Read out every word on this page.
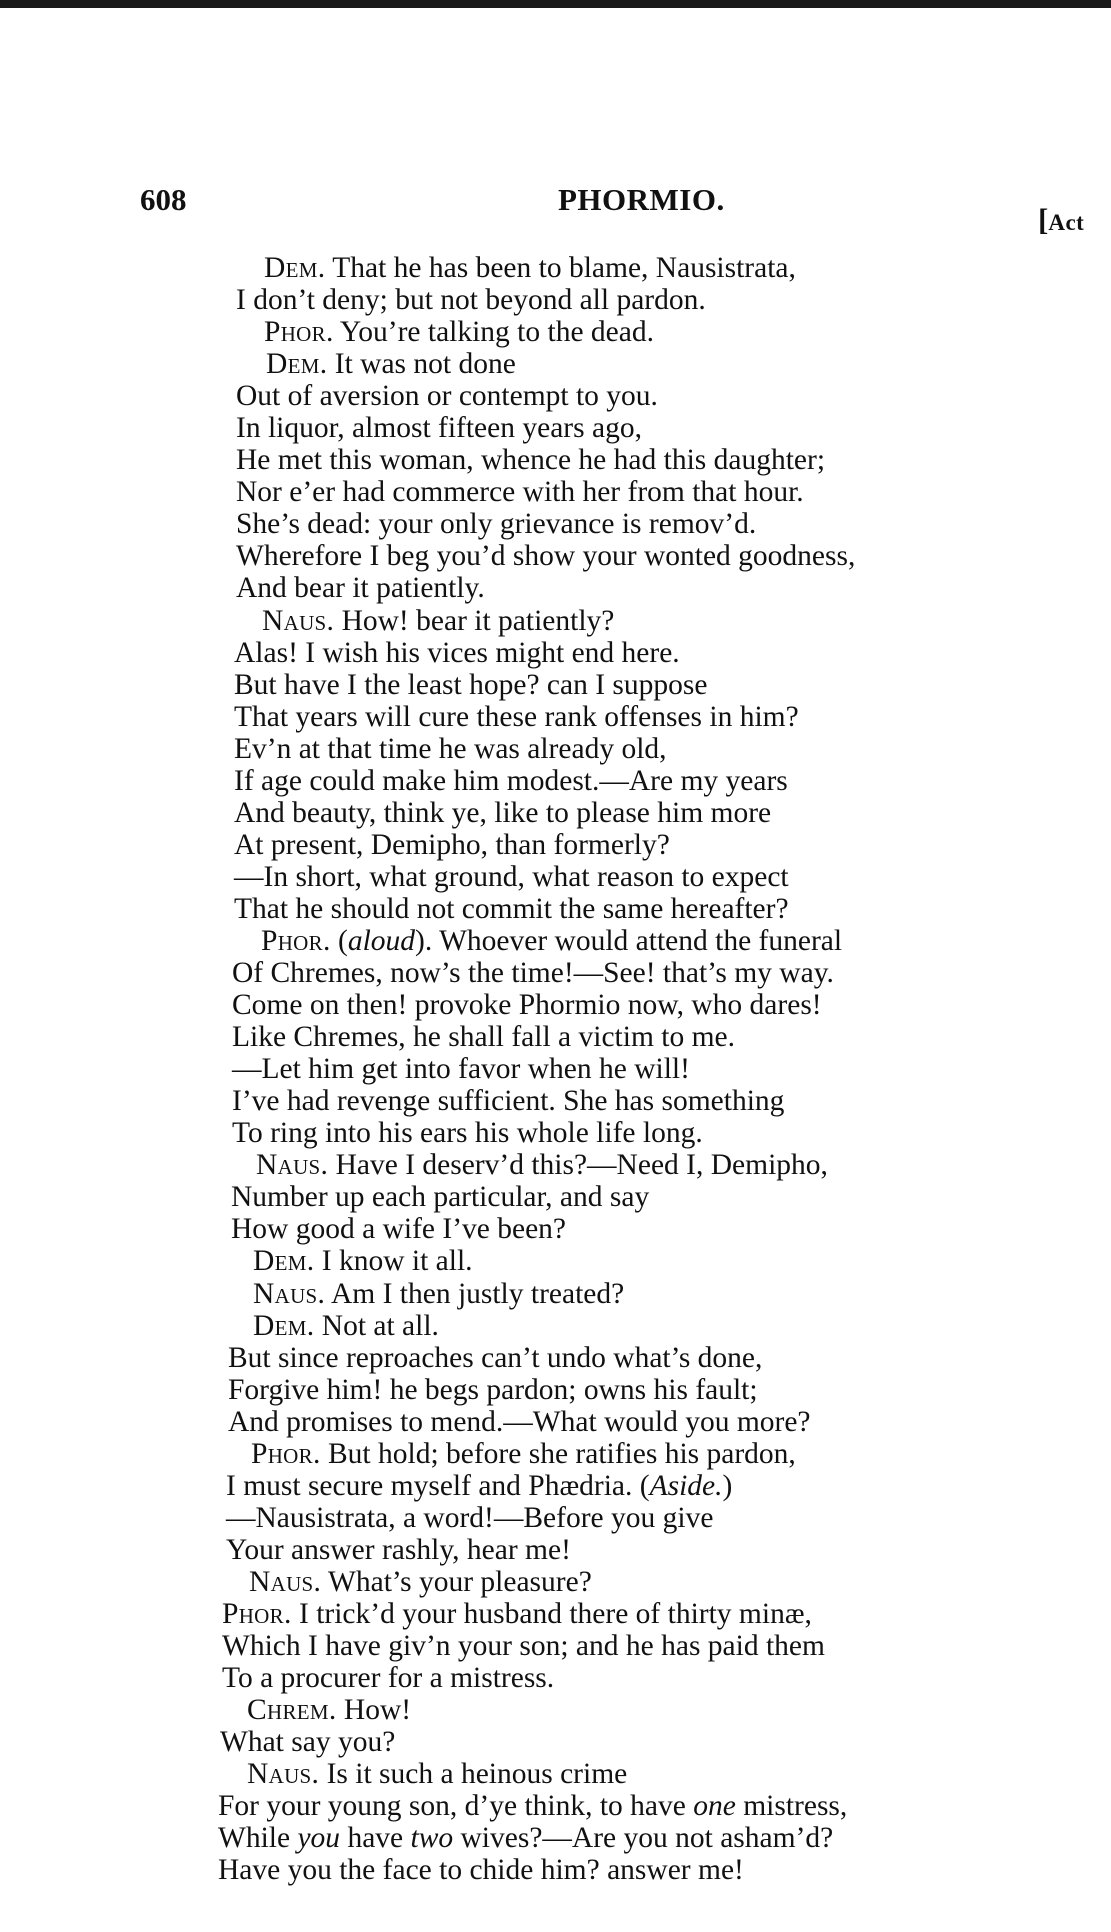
608	PHORMIO.
[Act
Dem. That he has been to blame, Nausistrata,
I don’t deny; but not beyond all pardon.
Phor. You’re talking to the dead.
Dem. It was not done
Out of aversion or contempt to you.
In liquor, almost fifteen years ago,
He met this woman, whence he had this daughter;
Nor e’er had commerce with her from that hour.
She’s dead: your only grievance is remov’d.
Wherefore I beg you’d show your wonted goodness,
And bear it patiently.
Naus. How! bear it patiently?
Alas! I wish his vices might end here.
But have I the least hope? can I suppose
That years will cure these rank offenses in him?
Ev’n at that time he was already old,
If age could make him modest.—Are my years
And beauty, think ye, like to please him more
At present, Demipho, than formerly?
—In short, what ground, what reason to expect
That he should not commit the same hereafter?
Phor. (aloud). Whoever would attend the funeral
Of Chremes, now’s the time!—See! that’s my way.
Come on then! provoke Phormio now, who dares!
Like Chremes, he shall fall a victim to me.
—Let him get into favor when he will!
I’ve had revenge sufficient. She has something
To ring into his ears his whole life long.
Naus. Have I deserv’d this?—Need I, Demipho,
Number up each particular, and say
How good a wife I’ve been?
Dem. I know it all.
Naus. Am I then justly treated?
Dem. Not at all.
But since reproaches can’t undo what’s done,
Forgive him! he begs pardon; owns his fault;
And promises to mend.—What would you more?
Phor. But hold; before she ratifies his pardon,
I must secure myself and Phædria. (Aside.)
—Nausistrata, a word!—Before you give
Your answer rashly, hear me!
Naus. What’s your pleasure?
Phor. I trick’d your husband there of thirty minæ,
Which I have giv’n your son; and he has paid them
To a procurer for a mistress.
Chrem. How!
What say you?
Naus. Is it such a heinous crime
For your young son, d’ye think, to have one mistress,
While you have two wives?—Are you not asham’d?
Have you the face to chide him? answer me!
